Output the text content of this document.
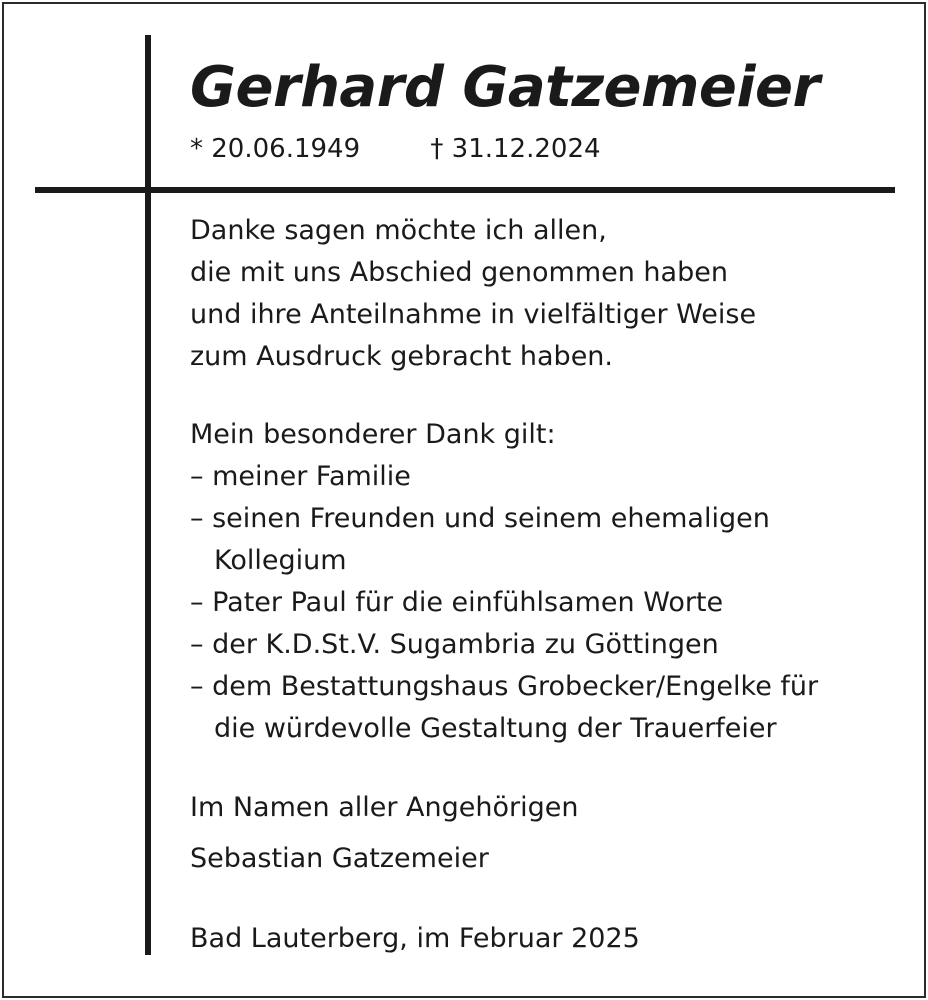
Gerhard Gatzemeier
* 20.06.1949	† 31.12.2024
Danke sagen möchte ich allen,
die mit uns Abschied genommen haben
und ihre Anteilnahme in vielfältiger Weise
zum Ausdruck gebracht haben.
Mein besonderer Dank gilt:
– meiner Familie
– seinen Freunden und seinem ehemaligen
Kollegium
– Pater Paul für die einfühlsamen Worte
– der K.D.St.V. Sugambria zu Göttingen
– dem Bestattungshaus Grobecker/Engelke für
die würdevolle Gestaltung der Trauerfeier
Im Namen aller Angehörigen
Sebastian Gatzemeier
Bad Lauterberg, im Februar 2025
